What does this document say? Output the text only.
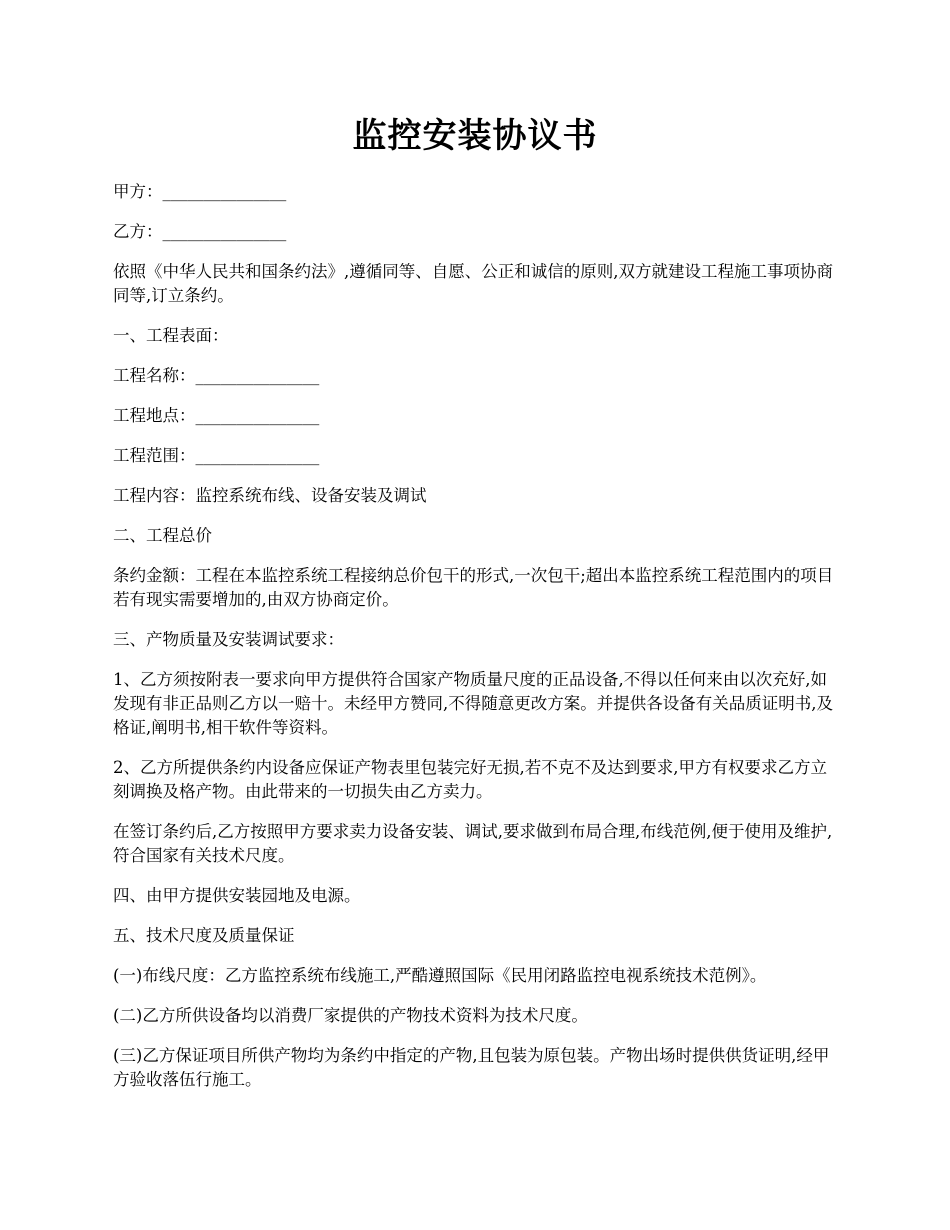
监控安装协议书

甲方：_______________

乙方：_______________

依照《中华人民共和国条约法》,遵循同等、自愿、公正和诚信的原则,双方就建设工程施工事项协商同等,订立条约。

一、工程表面：

工程名称：_______________

工程地点：_______________

工程范围：_______________

工程内容：监控系统布线、设备安装及调试

二、工程总价

条约金额：工程在本监控系统工程接纳总价包干的形式,一次包干;超出本监控系统工程范围内的项目若有现实需要增加的,由双方协商定价。

三、产物质量及安装调试要求：

1、乙方须按附表一要求向甲方提供符合国家产物质量尺度的正品设备,不得以任何来由以次充好,如发现有非正品则乙方以一赔十。未经甲方赞同,不得随意更改方案。并提供各设备有关品质证明书,及格证,阐明书,相干软件等资料。

2、乙方所提供条约内设备应保证产物表里包装完好无损,若不克不及达到要求,甲方有权要求乙方立刻调换及格产物。由此带来的一切损失由乙方卖力。

在签订条约后,乙方按照甲方要求卖力设备安装、调试,要求做到布局合理,布线范例,便于使用及维护,符合国家有关技术尺度。

四、由甲方提供安装园地及电源。

五、技术尺度及质量保证

(一)布线尺度：乙方监控系统布线施工,严酷遵照国际《民用闭路监控电视系统技术范例》。

(二)乙方所供设备均以消费厂家提供的产物技术资料为技术尺度。

(三)乙方保证项目所供产物均为条约中指定的产物,且包装为原包装。产物出场时提供供货证明,经甲方验收落伍行施工。
